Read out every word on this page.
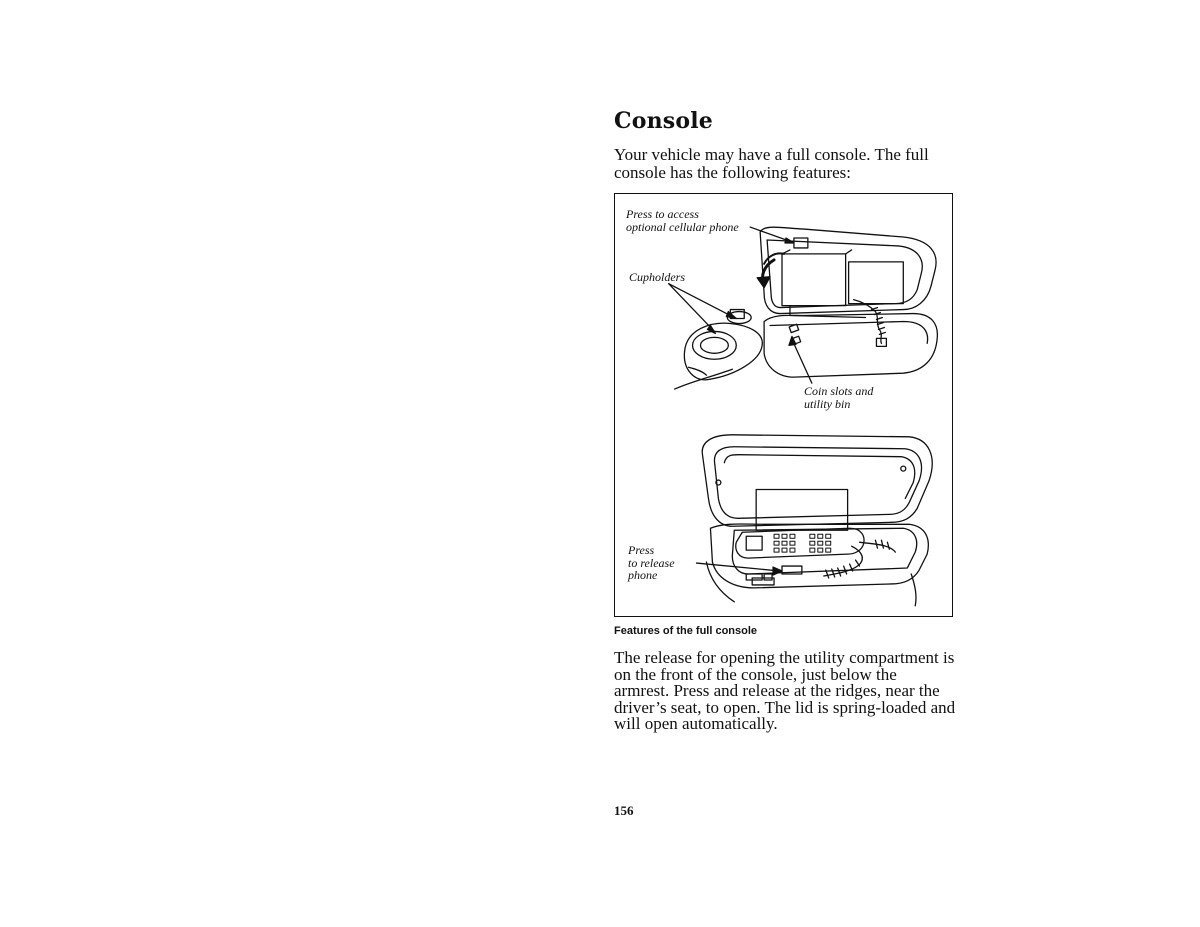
Console
Your vehicle may have a full console. The full console has the following features:
Press to access
optional cellular phone
Cupholders
Coin slots and
utility bin
Press
to release
phone
Features of the full console
The release for opening the utility compartment is on the front of the console, just below the armrest. Press and release at the ridges, near the driver’s seat, to open. The lid is spring-loaded and will open automatically.
156
